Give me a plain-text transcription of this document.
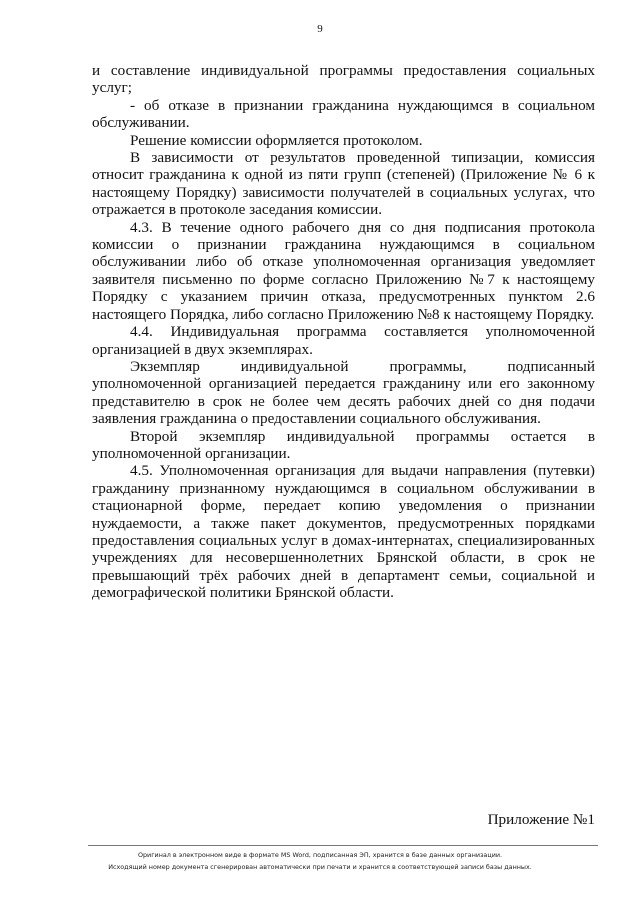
9

и составление индивидуальной программы предоставления социальных услуг;

- об отказе в признании гражданина нуждающимся в социальном обслуживании.

Решение комиссии оформляется протоколом.

В зависимости от результатов проведенной типизации, комиссия относит гражданина к одной из пяти групп (степеней) (Приложение № 6 к настоящему Порядку) зависимости получателей в социальных услугах, что отражается в протоколе заседания комиссии.

4.3. В течение одного рабочего дня со дня подписания протокола комиссии о признании гражданина нуждающимся в социальном обслуживании либо об отказе уполномоченная организация уведомляет заявителя письменно по форме согласно Приложению №7 к настоящему Порядку с указанием причин отказа, предусмотренных пунктом 2.6 настоящего Порядка, либо согласно Приложению №8 к настоящему Порядку.

4.4. Индивидуальная программа составляется уполномоченной организацией в двух экземплярах.

Экземпляр индивидуальной программы, подписанный уполномоченной организацией передается гражданину или его законному представителю в срок не более чем десять рабочих дней со дня подачи заявления гражданина о предоставлении социального обслуживания.

Второй экземпляр индивидуальной программы остается в уполномоченной организации.

4.5. Уполномоченная организация для выдачи направления (путевки) гражданину признанному нуждающимся в социальном обслуживании в стационарной форме, передает копию уведомления о признании нуждаемости, а также пакет документов, предусмотренных порядками предоставления социальных услуг в домах-интернатах, специализированных учреждениях для несовершеннолетних Брянской области, в срок не превышающий трёх рабочих дней в департамент семьи, социальной и демографической политики Брянской области.

Приложение №1
Оригинал в электронном виде в формате MS Word, подписанная ЭП, хранится в базе данных организации.
Исходящий номер документа сгенерирован автоматически при печати и хранится в соответствующей записи базы данных.
